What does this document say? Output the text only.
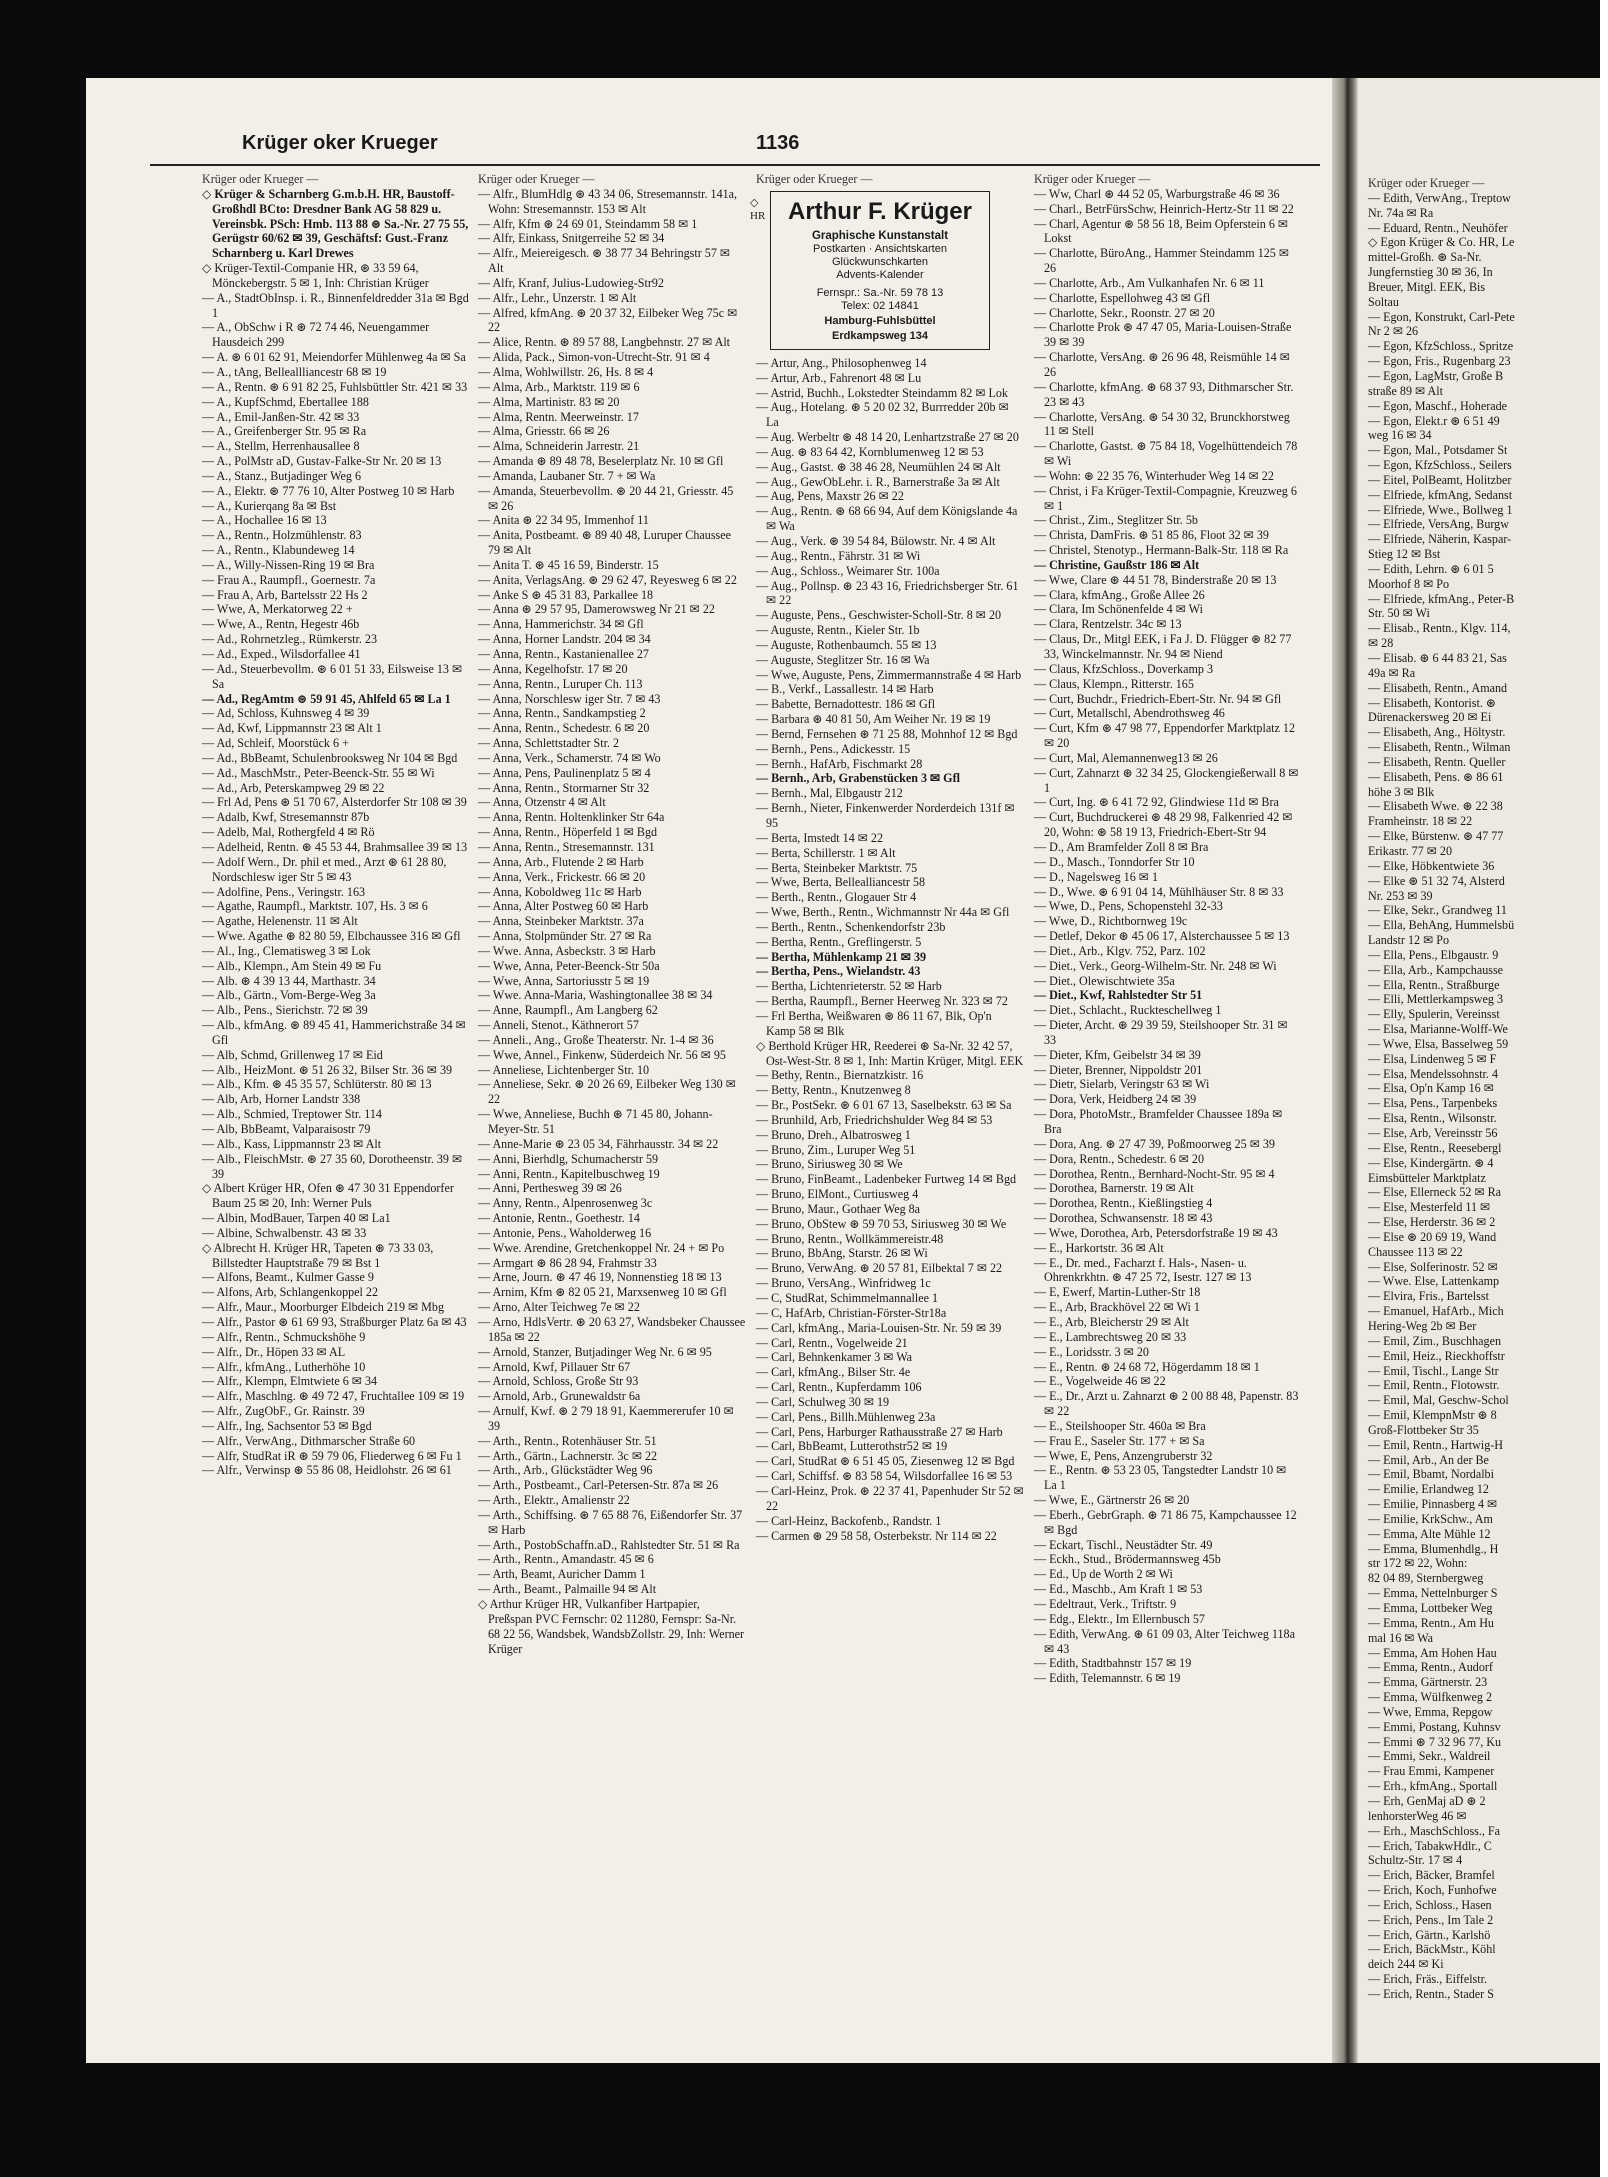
Krüger oder Krueger —
— Edith, VerwAng., Treptow
Nr. 74a ✉ Ra
— Eduard, Rentn., Neuhöfer
◇ Egon Krüger & Co. HR, Le
mittel-Großh. ⊛ Sa-Nr.
Jungfernstieg 30 ✉ 36, In
Breuer, Mitgl. EEK, Bis
Soltau
— Egon, Konstrukt, Carl-Pete
Nr 2 ✉ 26
— Egon, KfzSchloss., Spritze
— Egon, Fris., Rugenbarg 23
— Egon, LagMstr, Große B
straße 89 ✉ Alt
— Egon, Maschf., Hoherade
— Egon, Elekt.r ⊛ 6 51 49
weg 16 ✉ 34
— Egon, Mal., Potsdamer St
— Egon, KfzSchloss., Seilers
— Eitel, PolBeamt, Holitzber
— Elfriede, kfmAng, Sedanst
— Elfriede, Wwe., Bollweg 1
— Elfriede, VersAng, Burgw
— Elfriede, Näherin, Kaspar-
Stieg 12 ✉ Bst
— Edith, Lehrn. ⊛ 6 01 5
Moorhof 8 ✉ Po
— Elfriede, kfmAng., Peter-B
Str. 50 ✉ Wi
— Elisab., Rentn., Klgv. 114,
✉ 28
— Elisab. ⊛ 6 44 83 21, Sas
49a ✉ Ra
— Elisabeth, Rentn., Amand
— Elisabeth, Kontorist. ⊛
Dürenackersweg 20 ✉ Ei
— Elisabeth, Ang., Höltystr.
— Elisabeth, Rentn., Wilman
— Elisabeth, Rentn. Queller
— Elisabeth, Pens. ⊛ 86 61
höhe 3 ✉ Blk
— Elisabeth Wwe. ⊛ 22 38
Framheinstr. 18 ✉ 22
— Elke, Bürstenw. ⊛ 47 77
Erikastr. 77 ✉ 20
— Elke, Höbkentwiete 36
— Elke ⊛ 51 32 74, Alsterd
Nr. 253 ✉ 39
— Elke, Sekr., Grandweg 11
— Ella, BehAng, Hummelsbü
Landstr 12 ✉ Po
— Ella, Pens., Elbgaustr. 9
— Ella, Arb., Kampchausse
— Ella, Rentn., Straßburge
— Elli, Mettlerkampsweg 3
— Elly, Spulerin, Vereinsst
— Elsa, Marianne-Wolff-We
— Wwe, Elsa, Basselweg 59
— Elsa, Lindenweg 5 ✉ F
— Elsa, Mendelssohnstr. 4
— Elsa, Op'n Kamp 16 ✉
— Elsa, Pens., Tarpenbeks
— Elsa, Rentn., Wilsonstr.
— Else, Arb, Vereinsstr 56
— Else, Rentn., Reesebergl
— Else, Kindergärtn. ⊛ 4
Eimsbütteler Marktplatz
— Else, Ellerneck 52 ✉ Ra
— Else, Mesterfeld 11 ✉
— Else, Herderstr. 36 ✉ 2
— Else ⊛ 20 69 19, Wand
Chaussee 113 ✉ 22
— Else, Solferinostr. 52 ✉
— Wwe. Else, Lattenkamp
— Elvira, Fris., Bartelsst
— Emanuel, HafArb., Mich
Hering-Weg 2b ✉ Ber
— Emil, Zim., Buschhagen
— Emil, Heiz., Rieckhoffstr
— Emil, Tischl., Lange Str
— Emil, Rentn., Flotowstr.
— Emil, Mal, Geschw-Schol
— Emil, KlempnMstr ⊛ 8
Groß-Flottbeker Str 35
— Emil, Rentn., Hartwig-H
— Emil, Arb., An der Be
— Emil, Bbamt, Nordalbi
— Emilie, Erlandweg 12
— Emilie, Pinnasberg 4 ✉
— Emilie, KrkSchw., Am
— Emma, Alte Mühle 12
— Emma, Blumenhdlg., H
str 172 ✉ 22, Wohn:
82 04 89, Sternbergweg
— Emma, Nettelnburger S
— Emma, Lottbeker Weg
— Emma, Rentn., Am Hu
mal 16 ✉ Wa
— Emma, Am Hohen Hau
— Emma, Rentn., Audorf
— Emma, Gärtnerstr. 23
— Emma, Wülfkenweg 2
— Wwe, Emma, Repgow
— Emmi, Postang, Kuhnsv
— Emmi ⊛ 7 32 96 77, Ku
— Emmi, Sekr., Waldreil
— Frau Emmi, Kampener
— Erh., kfmAng., Sportall
— Erh, GenMaj aD ⊛ 2
lenhorsterWeg 46 ✉
— Erh., MaschSchloss., Fa
— Erich, TabakwHdlr., C
Schultz-Str. 17 ✉ 4
— Erich, Bäcker, Bramfel
— Erich, Koch, Funhofwe
— Erich, Schloss., Hasen
— Erich, Pens., Im Tale 2
— Erich, Gärtn., Karlshö
— Erich, BäckMstr., Köhl
deich 244 ✉ Ki
— Erich, Fräs., Eiffelstr.
— Erich, Rentn., Stader S
Krüger oker Krueger	1136
Krüger oder Krueger —
◇ Krüger & Scharnberg G.m.b.H. HR, Baustoff-Großhdl BCto: Dresdner Bank AG 58 829 u. Vereinsbk. PSch: Hmb. 113 88 ⊛ Sa.-Nr. 27 75 55, Gerügstr 60/62 ✉ 39, Geschäftsf: Gust.-Franz Scharnberg u. Karl Drewes
◇ Krüger-Textil-Companie HR, ⊛ 33 59 64, Mönckebergstr. 5 ✉ 1, Inh: Christian Krüger
— A., StadtObInsp. i. R., Binnenfeldredder 31a ✉ Bgd 1
— A., ObSchw i R ⊛ 72 74 46, Neuengammer Hausdeich 299
— A. ⊛ 6 01 62 91, Meiendorfer Mühlenweg 4a ✉ Sa
— A., tAng, Belleallliancestr 68 ✉ 19
— A., Rentn. ⊛ 6 91 82 25, Fuhlsbüttler Str. 421 ✉ 33
— A., KupfSchmd, Ebertallee 188
— A., Emil-Janßen-Str. 42 ✉ 33
— A., Greifenberger Str. 95 ✉ Ra
— A., Stellm, Herrenhausallee 8
— A., PolMstr aD, Gustav-Falke-Str Nr. 20 ✉ 13
— A., Stanz., Butjadinger Weg 6
— A., Elektr. ⊛ 77 76 10, Alter Postweg 10 ✉ Harb
— A., Kurierqang 8a ✉ Bst
— A., Hochallee 16 ✉ 13
— A., Rentn., Holzmühlenstr. 83
— A., Rentn., Klabundeweg 14
— A., Willy-Nissen-Ring 19 ✉ Bra
— Frau A., Raumpfl., Goernestr. 7a
— Frau A, Arb, Bartelsstr 22 Hs 2
— Wwe, A, Merkatorweg 22 +
— Wwe, A., Rentn, Hegestr 46b
— Ad., Rohrnetzleg., Rümkerstr. 23
— Ad., Exped., Wilsdorfallee 41
— Ad., Steuerbevollm. ⊛ 6 01 51 33, Eilsweise 13 ✉ Sa
— Ad., RegAmtm ⊛ 59 91 45, Ahlfeld 65 ✉ La 1
— Ad, Schloss, Kuhnsweg 4 ✉ 39
— Ad, Kwf, Lippmannstr 23 ✉ Alt 1
— Ad, Schleif, Moorstück 6 +
— Ad., BbBeamt, Schulenbrooksweg Nr 104 ✉ Bgd
— Ad., MaschMstr., Peter-Beenck-Str. 55 ✉ Wi
— Ad., Arb, Peterskampweg 29 ✉ 22
— Frl Ad, Pens ⊛ 51 70 67, Alsterdorfer Str 108 ✉ 39
— Adalb, Kwf, Stresemannstr 87b
— Adelb, Mal, Rothergfeld 4 ✉ Rö
— Adelheid, Rentn. ⊛ 45 53 44, Brahmsallee 39 ✉ 13
— Adolf Wern., Dr. phil et med., Arzt ⊛ 61 28 80, Nordschlesw iger Str 5 ✉ 43
— Adolfine, Pens., Veringstr. 163
— Agathe, Raumpfl., Marktstr. 107, Hs. 3 ✉ 6
— Agathe, Helenenstr. 11 ✉ Alt
— Wwe. Agathe ⊛ 82 80 59, Elbchaussee 316 ✉ Gfl
— Al., Ing., Clematisweg 3 ✉ Lok
— Alb., Klempn., Am Stein 49 ✉ Fu
— Alb. ⊛ 4 39 13 44, Marthastr. 34
— Alb., Gärtn., Vom-Berge-Weg 3a
— Alb., Pens., Sierichstr. 72 ✉ 39
— Alb., kfmAng. ⊛ 89 45 41, Hammerichstraße 34 ✉ Gfl
— Alb, Schmd, Grillenweg 17 ✉ Eid
— Alb., HeizMont. ⊛ 51 26 32, Bilser Str. 36 ✉ 39
— Alb., Kfm. ⊛ 45 35 57, Schlüterstr. 80 ✉ 13
— Alb, Arb, Horner Landstr 338
— Alb., Schmied, Treptower Str. 114
— Alb, BbBeamt, Valparaisostr 79
— Alb., Kass, Lippmannstr 23 ✉ Alt
— Alb., FleischMstr. ⊛ 27 35 60, Dorotheenstr. 39 ✉ 39
◇ Albert Krüger HR, Ofen ⊛ 47 30 31 Eppendorfer Baum 25 ✉ 20, Inh: Werner Puls
— Albin, ModBauer, Tarpen 40 ✉ La1
— Albine, Schwalbenstr. 43 ✉ 33
◇ Albrecht H. Krüger HR, Tapeten ⊛ 73 33 03, Billstedter Hauptstraße 79 ✉ Bst 1
— Alfons, Beamt., Kulmer Gasse 9
— Alfons, Arb, Schlangenkoppel 22
— Alfr., Maur., Moorburger Elbdeich 219 ✉ Mbg
— Alfr., Pastor ⊛ 61 69 93, Straßburger Platz 6a ✉ 43
— Alfr., Rentn., Schmuckshöhe 9
— Alfr., Dr., Höpen 33 ✉ AL
— Alfr., kfmAng., Lutherhöhe 10
— Alfr., Klempn, Elmtwiete 6 ✉ 34
— Alfr., Maschlng. ⊛ 49 72 47, Fruchtallee 109 ✉ 19
— Alfr., ZugObF., Gr. Rainstr. 39
— Alfr., Ing, Sachsentor 53 ✉ Bgd
— Alfr., VerwAng., Dithmarscher Straße 60
— Alfr, StudRat iR ⊛ 59 79 06, Fliederweg 6 ✉ Fu 1
— Alfr., Verwinsp ⊛ 55 86 08, Heidlohstr. 26 ✉ 61
Krüger oder Krueger —
— Alfr., BlumHdlg ⊛ 43 34 06, Stresemannstr. 141a, Wohn: Stresemannstr. 153 ✉ Alt
— Alfr, Kfm ⊛ 24 69 01, Steindamm 58 ✉ 1
— Alfr, Einkass, Snitgerreihe 52 ✉ 34
— Alfr., Meiereigesch. ⊛ 38 77 34 Behringstr 57 ✉ Alt
— Alfr, Kranf, Julius-Ludowieg-Str92
— Alfr., Lehr., Unzerstr. 1 ✉ Alt
— Alfred, kfmAng. ⊛ 20 37 32, Eilbeker Weg 75c ✉ 22
— Alice, Rentn. ⊛ 89 57 88, Langbehnstr. 27 ✉ Alt
— Alida, Pack., Simon-von-Utrecht-Str. 91 ✉ 4
— Alma, Wohlwillstr. 26, Hs. 8 ✉ 4
— Alma, Arb., Marktstr. 119 ✉ 6
— Alma, Martinistr. 83 ✉ 20
— Alma, Rentn. Meerweinstr. 17
— Alma, Griesstr. 66 ✉ 26
— Alma, Schneiderin Jarrestr. 21
— Amanda ⊛ 89 48 78, Beselerplatz Nr. 10 ✉ Gfl
— Amanda, Laubaner Str. 7 + ✉ Wa
— Amanda, Steuerbevollm. ⊛ 20 44 21, Griesstr. 45 ✉ 26
— Anita ⊛ 22 34 95, Immenhof 11
— Anita, Postbeamt. ⊛ 89 40 48, Luruper Chaussee 79 ✉ Alt
— Anita T. ⊛ 45 16 59, Binderstr. 15
— Anita, VerlagsAng. ⊛ 29 62 47, Reyesweg 6 ✉ 22
— Anke S ⊛ 45 31 83, Parkallee 18
— Anna ⊛ 29 57 95, Damerowsweg Nr 21 ✉ 22
— Anna, Hammerichstr. 34 ✉ Gfl
— Anna, Horner Landstr. 204 ✉ 34
— Anna, Rentn., Kastanienallee 27
— Anna, Kegelhofstr. 17 ✉ 20
— Anna, Rentn., Luruper Ch. 113
— Anna, Norschlesw iger Str. 7 ✉ 43
— Anna, Rentn., Sandkampstieg 2
— Anna, Rentn., Schedestr. 6 ✉ 20
— Anna, Schlettstadter Str. 2
— Anna, Verk., Schamerstr. 74 ✉ Wo
— Anna, Pens, Paulinenplatz 5 ✉ 4
— Anna, Rentn., Stormarner Str 32
— Anna, Otzenstr 4 ✉ Alt
— Anna, Rentn. Holtenklinker Str 64a
— Anna, Rentn., Höperfeld 1 ✉ Bgd
— Anna, Rentn., Stresemannstr. 131
— Anna, Arb., Flutende 2 ✉ Harb
— Anna, Verk., Frickestr. 66 ✉ 20
— Anna, Koboldweg 11c ✉ Harb
— Anna, Alter Postweg 60 ✉ Harb
— Anna, Steinbeker Marktstr. 37a
— Anna, Stolpmünder Str. 27 ✉ Ra
— Wwe. Anna, Asbeckstr. 3 ✉ Harb
— Wwe, Anna, Peter-Beenck-Str 50a
— Wwe, Anna, Sartoriusstr 5 ✉ 19
— Wwe. Anna-Maria, Washingtonallee 38 ✉ 34
— Anne, Raumpfl., Am Langberg 62
— Anneli, Stenot., Käthnerort 57
— Anneli., Ang., Große Theaterstr. Nr. 1-4 ✉ 36
— Wwe, Annel., Finkenw, Süderdeich Nr. 56 ✉ 95
— Anneliese, Lichtenberger Str. 10
— Anneliese, Sekr. ⊛ 20 26 69, Eilbeker Weg 130 ✉ 22
— Wwe, Anneliese, Buchh ⊛ 71 45 80, Johann-Meyer-Str. 51
— Anne-Marie ⊛ 23 05 34, Fährhausstr. 34 ✉ 22
— Anni, Bierhdlg, Schumacherstr 59
— Anni, Rentn., Kapitelbuschweg 19
— Anni, Perthesweg 39 ✉ 26
— Anny, Rentn., Alpenrosenweg 3c
— Antonie, Rentn., Goethestr. 14
— Antonie, Pens., Waholderweg 16
— Wwe. Arendine, Gretchenkoppel Nr. 24 + ✉ Po
— Armgart ⊛ 86 28 94, Frahmstr 33
— Arne, Journ. ⊛ 47 46 19, Nonnenstieg 18 ✉ 13
— Arnim, Kfm ⊛ 82 05 21, Marxsenweg 10 ✉ Gfl
— Arno, Alter Teichweg 7e ✉ 22
— Arno, HdlsVertr. ⊛ 20 63 27, Wandsbeker Chaussee 185a ✉ 22
— Arnold, Stanzer, Butjadinger Weg Nr. 6 ✉ 95
— Arnold, Kwf, Pillauer Str 67
— Arnold, Schloss, Große Str 93
— Arnold, Arb., Grunewaldstr 6a
— Arnulf, Kwf. ⊛ 2 79 18 91, Kaemmererufer 10 ✉ 39
— Arth., Rentn., Rotenhäuser Str. 51
— Arth., Gärtn., Lachnerstr. 3c ✉ 22
— Arth., Arb., Glückstädter Weg 96
— Arth., Postbeamt., Carl-Petersen-Str. 87a ✉ 26
— Arth., Elektr., Amalienstr 22
— Arth., Schiffsing. ⊛ 7 65 88 76, Eißendorfer Str. 37 ✉ Harb
— Arth., PostobSchaffn.aD., Rahlstedter Str. 51 ✉ Ra
— Arth., Rentn., Amandastr. 45 ✉ 6
— Arth, Beamt, Auricher Damm 1
— Arth., Beamt., Palmaille 94 ✉ Alt
◇ Arthur Krüger HR, Vulkanfiber Hartpapier, Preßspan PVC Fernschr: 02 11280, Fernspr: Sa-Nr. 68 22 56, Wandsbek, WandsbZollstr. 29, Inh: Werner Krüger
Krüger oder Krueger —
◇ HR Arthur F. Krüger
Graphische Kunstanstalt
Postkarten · Ansichtskarten
Glückwunschkarten
Advents-Kalender
Fernspr.: Sa.-Nr. 59 78 13
Telex: 02 14841
Hamburg-Fuhlsbüttel
Erdkampsweg 134
— Artur, Ang., Philosophenweg 14
— Artur, Arb., Fahrenort 48 ✉ Lu
— Astrid, Buchh., Lokstedter Steindamm 82 ✉ Lok
— Aug., Hotelang. ⊛ 5 20 02 32, Burrredder 20b ✉ La
— Aug. Werbeltr ⊛ 48 14 20, Lenhartzstraße 27 ✉ 20
— Aug. ⊛ 83 64 42, Kornblumenweg 12 ✉ 53
— Aug., Gastst. ⊛ 38 46 28, Neumühlen 24 ✉ Alt
— Aug., GewObLehr. i. R., Barnerstraße 3a ✉ Alt
— Aug, Pens, Maxstr 26 ✉ 22
— Aug., Rentn. ⊛ 68 66 94, Auf dem Königslande 4a ✉ Wa
— Aug., Verk. ⊛ 39 54 84, Bülowstr. Nr. 4 ✉ Alt
— Aug., Rentn., Fährstr. 31 ✉ Wi
— Aug., Schloss., Weimarer Str. 100a
— Aug., Pollnsp. ⊛ 23 43 16, Friedrichsberger Str. 61 ✉ 22
— Auguste, Pens., Geschwister-Scholl-Str. 8 ✉ 20
— Auguste, Rentn., Kieler Str. 1b
— Auguste, Rothenbaumch. 55 ✉ 13
— Auguste, Steglitzer Str. 16 ✉ Wa
— Wwe, Auguste, Pens, Zimmermannstraße 4 ✉ Harb
— B., Verkf., Lassallestr. 14 ✉ Harb
— Babette, Bernadottestr. 186 ✉ Gfl
— Barbara ⊛ 40 81 50, Am Weiher Nr. 19 ✉ 19
— Bernd, Fernsehen ⊛ 71 25 88, Mohnhof 12 ✉ Bgd
— Bernh., Pens., Adickesstr. 15
— Bernh., HafArb, Fischmarkt 28
— Bernh., Arb, Grabenstücken 3 ✉ Gfl
— Bernh., Mal, Elbgaustr 212
— Bernh., Nieter, Finkenwerder Norderdeich 131f ✉ 95
— Berta, Imstedt 14 ✉ 22
— Berta, Schillerstr. 1 ✉ Alt
— Berta, Steinbeker Marktstr. 75
— Wwe, Berta, Bellealliancestr 58
— Berth., Rentn., Glogauer Str 4
— Wwe, Berth., Rentn., Wichmannstr Nr 44a ✉ Gfl
— Berth., Rentn., Schenkendorfstr 23b
— Bertha, Rentn., Greflingerstr. 5
— Bertha, Mühlenkamp 21 ✉ 39
— Bertha, Pens., Wielandstr. 43
— Bertha, Lichtenrieterstr. 52 ✉ Harb
— Bertha, Raumpfl., Berner Heerweg Nr. 323 ✉ 72
— Frl Bertha, Weißwaren ⊛ 86 11 67, Blk, Op'n Kamp 58 ✉ Blk
◇ Berthold Krüger HR, Reederei ⊛ Sa-Nr. 32 42 57, Ost-West-Str. 8 ✉ 1, Inh: Martin Krüger, Mitgl. EEK
— Bethy, Rentn., Biernatzkistr. 16
— Betty, Rentn., Knutzenweg 8
— Br., PostSekr. ⊛ 6 01 67 13, Saselbekstr. 63 ✉ Sa
— Brunhild, Arb, Friedrichshulder Weg 84 ✉ 53
— Bruno, Dreh., Albatrosweg 1
— Bruno, Zim., Luruper Weg 51
— Bruno, Siriusweg 30 ✉ We
— Bruno, FinBeamt., Ladenbeker Furtweg 14 ✉ Bgd
— Bruno, ElMont., Curtiusweg 4
— Bruno, Maur., Gothaer Weg 8a
— Bruno, ObStew ⊛ 59 70 53, Siriusweg 30 ✉ We
— Bruno, Rentn., Wollkämmereistr.48
— Bruno, BbAng, Starstr. 26 ✉ Wi
— Bruno, VerwAng. ⊛ 20 57 81, Eilbektal 7 ✉ 22
— Bruno, VersAng., Winfridweg 1c
— C, StudRat, Schimmelmannallee 1
— C, HafArb, Christian-Förster-Str18a
— Carl, kfmAng., Maria-Louisen-Str. Nr. 59 ✉ 39
— Carl, Rentn., Vogelweide 21
— Carl, Behnkenkamer 3 ✉ Wa
— Carl, kfmAng., Bilser Str. 4e
— Carl, Rentn., Kupferdamm 106
— Carl, Schulweg 30 ✉ 19
— Carl, Pens., Billh.Mühlenweg 23a
— Carl, Pens, Harburger Rathausstraße 27 ✉ Harb
— Carl, BbBeamt, Lutterothstr52 ✉ 19
— Carl, StudRat ⊛ 6 51 45 05, Ziesenweg 12 ✉ Bgd
— Carl, Schiffsf. ⊛ 83 58 54, Wilsdorfallee 16 ✉ 53
— Carl-Heinz, Prok. ⊛ 22 37 41, Papenhuder Str 52 ✉ 22
— Carl-Heinz, Backofenb., Randstr. 1
— Carmen ⊛ 29 58 58, Osterbekstr. Nr 114 ✉ 22
Krüger oder Krueger —
— Ww, Charl ⊛ 44 52 05, Warburgstraße 46 ✉ 36
— Charl., BetrFürsSchw, Heinrich-Hertz-Str 11 ✉ 22
— Charl, Agentur ⊛ 58 56 18, Beim Opferstein 6 ✉ Lokst
— Charlotte, BüroAng., Hammer Steindamm 125 ✉ 26
— Charlotte, Arb., Am Vulkanhafen Nr. 6 ✉ 11
— Charlotte, Espellohweg 43 ✉ Gfl
— Charlotte, Sekr., Roonstr. 27 ✉ 20
— Charlotte Prok ⊛ 47 47 05, Maria-Louisen-Straße 39 ✉ 39
— Charlotte, VersAng. ⊛ 26 96 48, Reismühle 14 ✉ 26
— Charlotte, kfmAng. ⊛ 68 37 93, Dithmarscher Str. 23 ✉ 43
— Charlotte, VersAng. ⊛ 54 30 32, Brunckhorstweg 11 ✉ Stell
— Charlotte, Gastst. ⊛ 75 84 18, Vogelhüttendeich 78 ✉ Wi
— Wohn: ⊛ 22 35 76, Winterhuder Weg 14 ✉ 22
— Christ, i Fa Krüger-Textil-Compagnie, Kreuzweg 6 ✉ 1
— Christ., Zim., Steglitzer Str. 5b
— Christa, DamFris. ⊛ 51 85 86, Floot 32 ✉ 39
— Christel, Stenotyp., Hermann-Balk-Str. 118 ✉ Ra
— Christine, Gaußstr 186 ✉ Alt
— Wwe, Clare ⊛ 44 51 78, Binderstraße 20 ✉ 13
— Clara, kfmAng., Große Allee 26
— Clara, Im Schönenfelde 4 ✉ Wi
— Clara, Rentzelstr. 34c ✉ 13
— Claus, Dr., Mitgl EEK, i Fa J. D. Flügger ⊛ 82 77 33, Winckelmannstr. Nr. 94 ✉ Niend
— Claus, KfzSchloss., Doverkamp 3
— Claus, Klempn., Ritterstr. 165
— Curt, Buchdr., Friedrich-Ebert-Str. Nr. 94 ✉ Gfl
— Curt, Metallschl, Abendrothsweg 46
— Curt, Kfm ⊛ 47 98 77, Eppendorfer Marktplatz 12 ✉ 20
— Curt, Mal, Alemannenweg13 ✉ 26
— Curt, Zahnarzt ⊛ 32 34 25, Glockengießerwall 8 ✉ 1
— Curt, Ing. ⊛ 6 41 72 92, Glindwiese 11d ✉ Bra
— Curt, Buchdruckerei ⊛ 48 29 98, Falkenried 42 ✉ 20, Wohn: ⊛ 58 19 13, Friedrich-Ebert-Str 94
— D., Am Bramfelder Zoll 8 ✉ Bra
— D., Masch., Tonndorfer Str 10
— D., Nagelsweg 16 ✉ 1
— D., Wwe. ⊛ 6 91 04 14, Mühlhäuser Str. 8 ✉ 33
— Wwe, D., Pens, Schopenstehl 32-33
— Wwe, D., Richtbornweg 19c
— Detlef, Dekor ⊛ 45 06 17, Alsterchaussee 5 ✉ 13
— Diet., Arb., Klgv. 752, Parz. 102
— Diet., Verk., Georg-Wilhelm-Str. Nr. 248 ✉ Wi
— Diet., Olewischtwiete 35a
— Diet., Kwf, Rahlstedter Str 51
— Diet., Schlacht., Ruckteschellweg 1
— Dieter, Archt. ⊛ 29 39 59, Steilshooper Str. 31 ✉ 33
— Dieter, Kfm, Geibelstr 34 ✉ 39
— Dieter, Brenner, Nippoldstr 201
— Dietr, Sielarb, Veringstr 63 ✉ Wi
— Dora, Verk, Heidberg 24 ✉ 39
— Dora, PhotoMstr., Bramfelder Chaussee 189a ✉ Bra
— Dora, Ang. ⊛ 27 47 39, Poßmoorweg 25 ✉ 39
— Dora, Rentn., Schedestr. 6 ✉ 20
— Dorothea, Rentn., Bernhard-Nocht-Str. 95 ✉ 4
— Dorothea, Barnerstr. 19 ✉ Alt
— Dorothea, Rentn., Kießlingstieg 4
— Dorothea, Schwansenstr. 18 ✉ 43
— Wwe, Dorothea, Arb, Petersdorfstraße 19 ✉ 43
— E., Harkortstr. 36 ✉ Alt
— E., Dr. med., Facharzt f. Hals-, Nasen- u. Ohrenkrkhtn. ⊛ 47 25 72, Isestr. 127 ✉ 13
— E, Ewerf, Martin-Luther-Str 18
— E., Arb, Brackhövel 22 ✉ Wi 1
— E., Arb, Bleicherstr 29 ✉ Alt
— E., Lambrechtsweg 20 ✉ 33
— E., Loridsstr. 3 ✉ 20
— E., Rentn. ⊛ 24 68 72, Högerdamm 18 ✉ 1
— E., Vogelweide 46 ✉ 22
— E., Dr., Arzt u. Zahnarzt ⊛ 2 00 88 48, Papenstr. 83 ✉ 22
— E., Steilshooper Str. 460a ✉ Bra
— Frau E., Saseler Str. 177 + ✉ Sa
— Wwe, E, Pens, Anzengruberstr 32
— E., Rentn. ⊛ 53 23 05, Tangstedter Landstr 10 ✉ La 1
— Wwe, E., Gärtnerstr 26 ✉ 20
— Eberh., GebrGraph. ⊛ 71 86 75, Kampchaussee 12 ✉ Bgd
— Eckart, Tischl., Neustädter Str. 49
— Eckh., Stud., Brödermannsweg 45b
— Ed., Up de Worth 2 ✉ Wi
— Ed., Maschb., Am Kraft 1 ✉ 53
— Edeltraut, Verk., Triftstr. 9
— Edg., Elektr., Im Ellernbusch 57
— Edith, VerwAng. ⊛ 61 09 03, Alter Teichweg 118a ✉ 43
— Edith, Stadtbahnstr 157 ✉ 19
— Edith, Telemannstr. 6 ✉ 19
